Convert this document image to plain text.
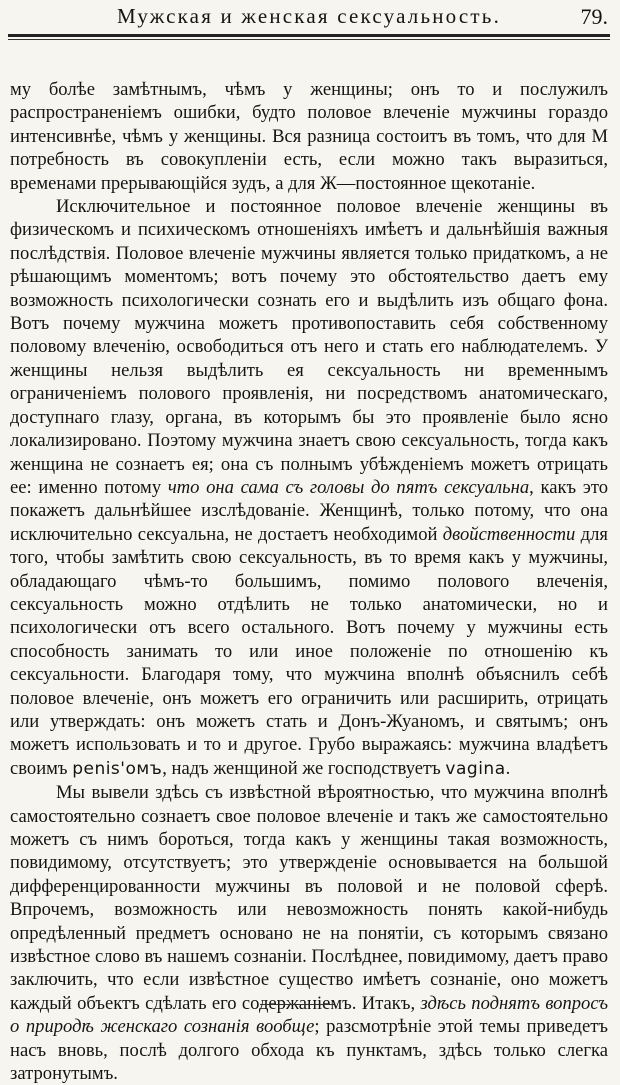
Мужская и женская сексуальность.	79.

му болѣе замѣтнымъ, чѣмъ у женщины; онъ то и послужилъ распространенiемъ ошибки, будто половое влеченiе мужчины гораздо интенсивнѣе, чѣмъ у женщины. Вся разница состоитъ въ томъ, что для М потребность въ совокупленiи есть, если можно такъ выразиться, временами прерывающiйся зудъ, а для Ж—постоянное щекотанiе.

Исключительное и постоянное половое влеченiе женщины въ физическомъ и психическомъ отношенiяхъ имѣетъ и дальнѣйшiя важныя послѣдствiя. Половое влеченiе мужчины является только придаткомъ, а не рѣшающимъ моментомъ; вотъ почему это обстоятельство даетъ ему возможность психологически сознать его и выдѣлить изъ общаго фона. Вотъ почему мужчина можетъ противопоставить себя собственному половому влеченiю, освободиться отъ него и стать его наблюдателемъ. У женщины нельзя выдѣлить ея сексуальность ни временнымъ ограниченiемъ полового проявленiя, ни посредствомъ анатомическаго, доступнаго глазу, органа, въ которымъ бы это проявленiе было ясно локализировано. Поэтому мужчина знаетъ свою сексуальность, тогда какъ женщина не сознаетъ ея; она съ полнымъ убѣжденiемъ можетъ отрицать ее: именно потому что она сама съ головы до пятъ сексуальна, какъ это покажетъ дальнѣйшее изслѣдованiе. Женщинѣ, только потому, что она исключительно сексуальна, не достаетъ необходимой двойственности для того, чтобы замѣтить свою сексуальность, въ то время какъ у мужчины, обладающаго чѣмъ-то большимъ, помимо полового влеченiя, сексуальность можно отдѣлить не только анатомически, но и психологически отъ всего остального. Вотъ почему у мужчины есть способность занимать то или иное положенiе по отношенiю къ сексуальности. Благодаря тому, что мужчина вполнѣ объяснилъ себѣ половое влеченiе, онъ можетъ его ограничить или расширить, отрицать или утверждать: онъ можетъ стать и Донъ-Жуаномъ, и святымъ; онъ можетъ использовать и то и другое. Грубо выражаясь: мужчина владѣетъ своимъ penis'омъ, надъ женщиной же господствуетъ vagina.

Мы вывели здѣсь съ извѣстной вѣроятностью, что мужчина вполнѣ самостоятельно сознаетъ свое половое влеченiе и такъ же самостоятельно можетъ съ нимъ бороться, тогда какъ у женщины такая возможность, повидимому, отсутствуетъ; это утвержденiе основывается на большой дифференцированности мужчины въ половой и не половой сферѣ. Впрочемъ, возможность или невозможность понять какой-нибудь опредѣленный предметъ основано не на понятiи, съ которымъ связано извѣстное слово въ нашемъ сознанiи. Послѣднее, повидимому, даетъ право заключить, что если извѣстное существо имѣетъ сознанiе, оно можетъ каждый объектъ сдѣлать его содержанiемъ. Итакъ, здѣсь поднятъ вопросъ о природѣ женскаго сознанiя вообще; разсмотрѣнiе этой темы приведетъ насъ вновь, послѣ долгого обхода къ пунктамъ, здѣсь только слегка затронутымъ.
